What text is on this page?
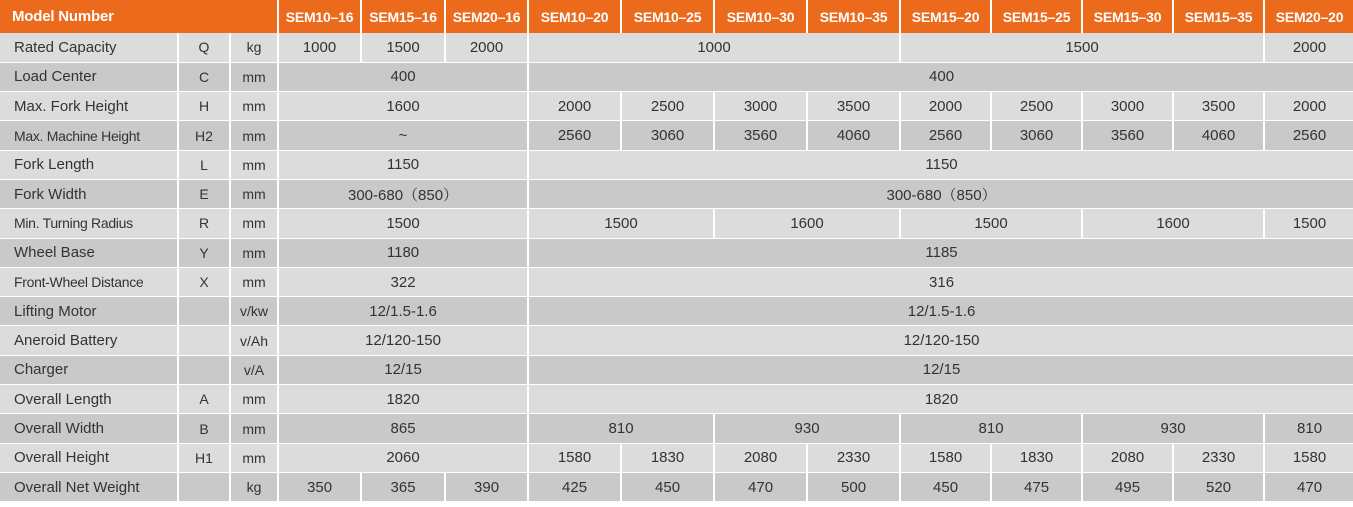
Model Number			SEM10–16	SEM15–16	SEM20–16	SEM10–20	SEM10–25	SEM10–30	SEM10–35	SEM15–20	SEM15–25	SEM15–30	SEM15–35	SEM20–20
Rated Capacity	Q	kg	1000	1500	2000	1000				1500				2000
Load Center	C	mm	400			400								
Max. Fork Height	H	mm	1600			2000	2500	3000	3500	2000	2500	3000	3500	2000
Max. Machine Height	H2	mm	~			2560	3060	3560	4060	2560	3060	3560	4060	2560
Fork Length	L	mm	1150			1150								
Fork Width	E	mm	300-680（850）			300-680（850）								
Min. Turning Radius	R	mm	1500			1500		1600		1500		1600		1500
Wheel Base	Y	mm	1180			1185								
Front-Wheel Distance	X	mm	322			316								
Lifting Motor		v/kw	12/1.5-1.6			12/1.5-1.6								
Aneroid Battery		v/Ah	12/120-150			12/120-150								
Charger		v/A	12/15			12/15								
Overall Length	A	mm	1820			1820								
Overall Width	B	mm	865			810		930		810		930		810
Overall Height	H1	mm	2060			1580	1830	2080	2330	1580	1830	2080	2330	1580
Overall Net Weight		kg	350	365	390	425	450	470	500	450	475	495	520	470
